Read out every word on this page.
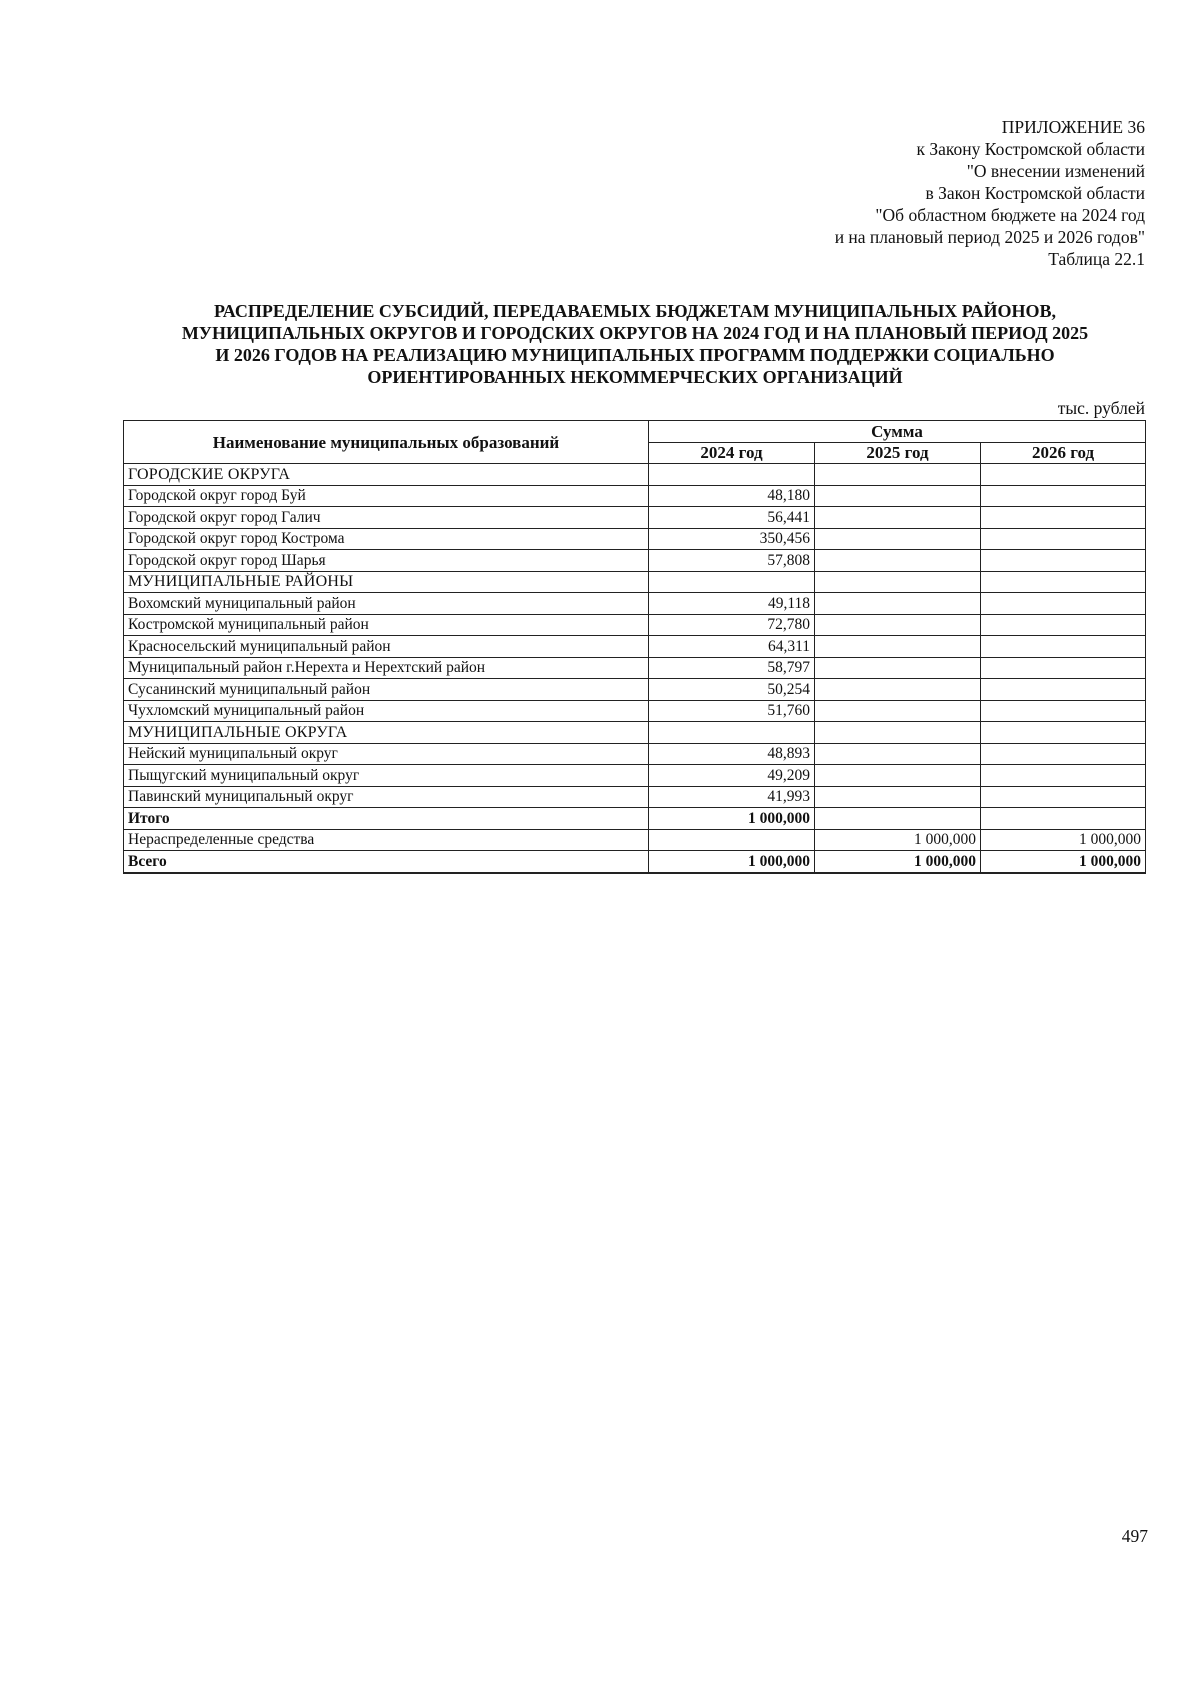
ПРИЛОЖЕНИЕ 36
к Закону Костромской области
"О внесении изменений
в Закон Костромской области
"Об областном бюджете на 2024 год
и на плановый период 2025 и 2026 годов"
Таблица 22.1
РАСПРЕДЕЛЕНИЕ СУБСИДИЙ, ПЕРЕДАВАЕМЫХ БЮДЖЕТАМ МУНИЦИПАЛЬНЫХ РАЙОНОВ,
МУНИЦИПАЛЬНЫХ ОКРУГОВ И ГОРОДСКИХ ОКРУГОВ НА 2024 ГОД И НА ПЛАНОВЫЙ ПЕРИОД 2025
И 2026 ГОДОВ НА РЕАЛИЗАЦИЮ МУНИЦИПАЛЬНЫХ ПРОГРАММ ПОДДЕРЖКИ СОЦИАЛЬНО
ОРИЕНТИРОВАННЫХ НЕКОММЕРЧЕСКИХ ОРГАНИЗАЦИЙ
тыс. рублей
Наименование муниципальных образований	Сумма		
	2024 год	2025 год	2026 год
ГОРОДСКИЕ ОКРУГА			
Городской округ город Буй	48,180		
Городской округ город Галич	56,441		
Городской округ город Кострома	350,456		
Городской округ город Шарья	57,808		
МУНИЦИПАЛЬНЫЕ РАЙОНЫ			
Вохомский муниципальный район	49,118		
Костромской муниципальный район	72,780		
Красносельский муниципальный район	64,311		
Муниципальный район г.Нерехта и Нерехтский район	58,797		
Сусанинский муниципальный район	50,254		
Чухломский муниципальный район	51,760		
МУНИЦИПАЛЬНЫЕ ОКРУГА			
Нейский муниципальный округ	48,893		
Пыщугский муниципальный округ	49,209		
Павинский муниципальный округ	41,993		
Итого	1 000,000		
Нераспределенные средства		1 000,000	1 000,000
Всего	1 000,000	1 000,000	1 000,000
497
